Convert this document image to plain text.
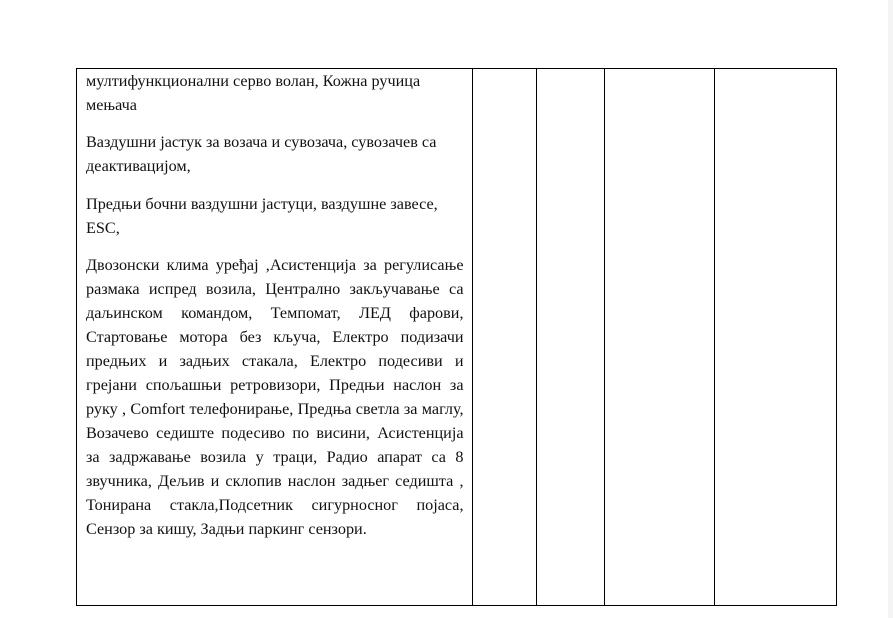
мултифункционални серво волан, Кожна ручица мењача

Ваздушни јастук за возача и сувозача, сувозачев са деактивацијом,

Предњи бочни ваздушни јастуци, ваздушне завесе, ESC,

Двозонски клима уређај ,Асистенција за регулисање размака испред возила, Централно закључавање са даљинском командом, Темпомат, ЛЕД фарови, Стартовање мотора без кључа, Електро подизачи предњих и задњих стакала, Електро подесиви и грејани спољашњи ретровизори, Предњи наслон за руку , Comfort телефонирање, Предња светла за маглу, Возачево седиште подесиво по висини, Асистенција за задржавање возила у траци, Радио апарат са 8 звучника, Дељив и склопив наслон задњег седишта , Тонирана стакла,Подсетник сигурносног појаса, Сензор за кишу, Задњи паркинг сензори.
